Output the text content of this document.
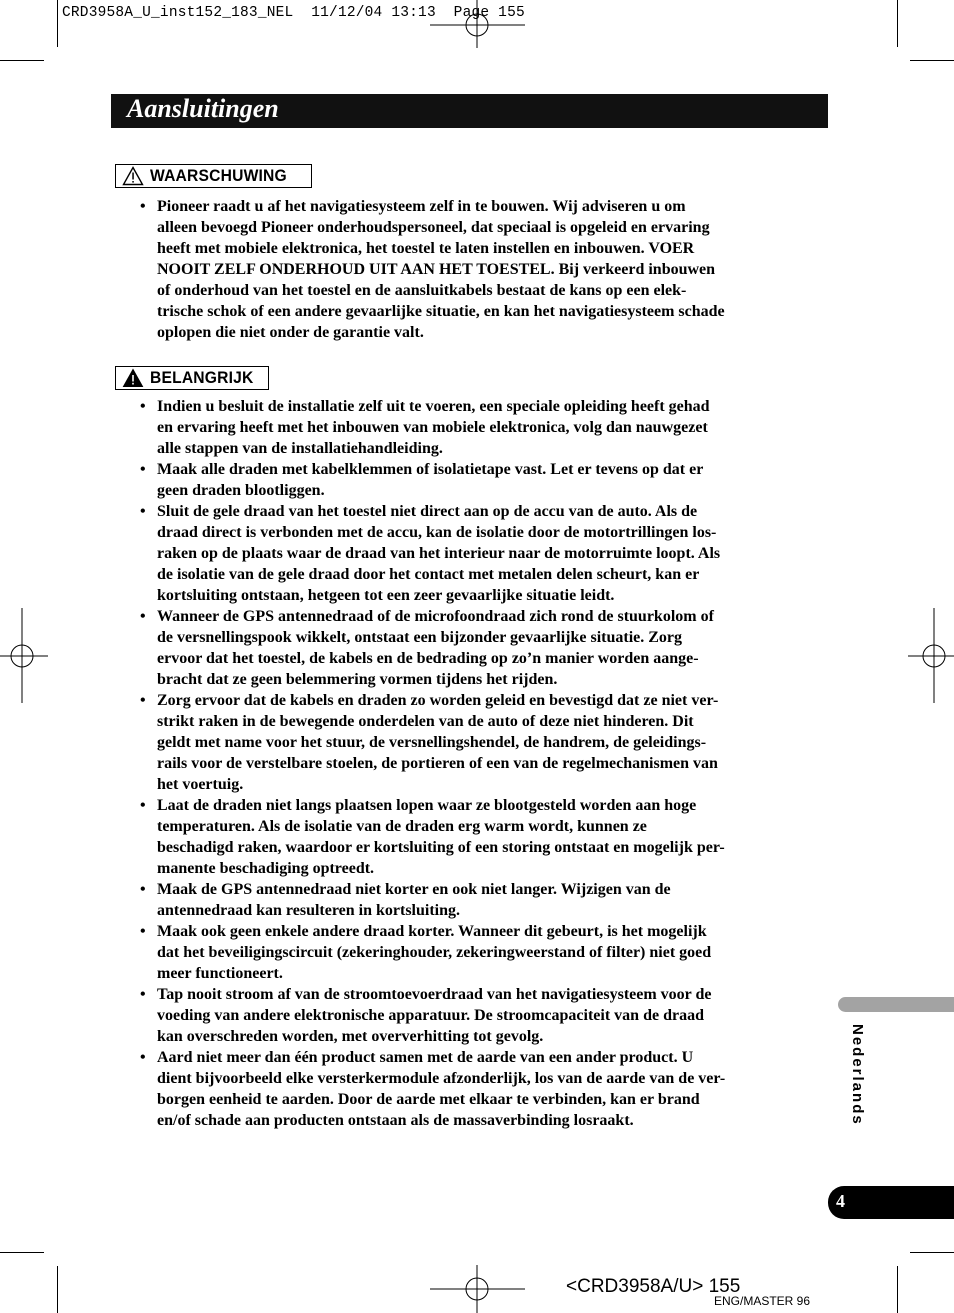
CRD3958A_U_inst152_183_NEL  11/12/04 13:13  Page 155
Aansluitingen
WAARSCHUWING
• Pioneer raadt u af het navigatiesysteem zelf in te bouwen. Wij adviseren u om
alleen bevoegd Pioneer onderhoudspersoneel, dat speciaal is opgeleid en ervaring
heeft met mobiele elektronica, het toestel te laten instellen en inbouwen. VOER
NOOIT ZELF ONDERHOUD UIT AAN HET TOESTEL. Bij verkeerd inbouwen
of onderhoud van het toestel en de aansluitkabels bestaat de kans op een elek-
trische schok of een andere gevaarlijke situatie, en kan het navigatiesysteem schade
oplopen die niet onder de garantie valt.
BELANGRIJK
• Indien u besluit de installatie zelf uit te voeren, een speciale opleiding heeft gehad
en ervaring heeft met het inbouwen van mobiele elektronica, volg dan nauwgezet
alle stappen van de installatiehandleiding.
• Maak alle draden met kabelklemmen of isolatietape vast. Let er tevens op dat er
geen draden blootliggen.
• Sluit de gele draad van het toestel niet direct aan op de accu van de auto. Als de
draad direct is verbonden met de accu, kan de isolatie door de motortrillingen los-
raken op de plaats waar de draad van het interieur naar de motorruimte loopt. Als
de isolatie van de gele draad door het contact met metalen delen scheurt, kan er
kortsluiting ontstaan, hetgeen tot een zeer gevaarlijke situatie leidt.
• Wanneer de GPS antennedraad of de microfoondraad zich rond de stuurkolom of
de versnellingspook wikkelt, ontstaat een bijzonder gevaarlijke situatie. Zorg
ervoor dat het toestel, de kabels en de bedrading op zo’n manier worden aange-
bracht dat ze geen belemmering vormen tijdens het rijden.
• Zorg ervoor dat de kabels en draden zo worden geleid en bevestigd dat ze niet ver-
strikt raken in de bewegende onderdelen van de auto of deze niet hinderen. Dit
geldt met name voor het stuur, de versnellingshendel, de handrem, de geleidings-
rails voor de verstelbare stoelen, de portieren of een van de regelmechanismen van
het voertuig.
• Laat de draden niet langs plaatsen lopen waar ze blootgesteld worden aan hoge
temperaturen. Als de isolatie van de draden erg warm wordt, kunnen ze
beschadigd raken, waardoor er kortsluiting of een storing ontstaat en mogelijk per-
manente beschadiging optreedt.
• Maak de GPS antennedraad niet korter en ook niet langer. Wijzigen van de
antennedraad kan resulteren in kortsluiting.
• Maak ook geen enkele andere draad korter. Wanneer dit gebeurt, is het mogelijk
dat het beveiligingscircuit (zekeringhouder, zekeringweerstand of filter) niet goed
meer functioneert.
• Tap nooit stroom af van de stroomtoevoerdraad van het navigatiesysteem voor de
voeding van andere elektronische apparatuur. De stroomcapaciteit van de draad
kan overschreden worden, met oververhitting tot gevolg.
• Aard niet meer dan één product samen met de aarde van een ander product. U
dient bijvoorbeeld elke versterkermodule afzonderlijk, los van de aarde van de ver-
borgen eenheid te aarden. Door de aarde met elkaar te verbinden, kan er brand
en/of schade aan producten ontstaan als de massaverbinding losraakt.	Nederlands
4
<CRD3958A/U> 155
ENG/MASTER 96
